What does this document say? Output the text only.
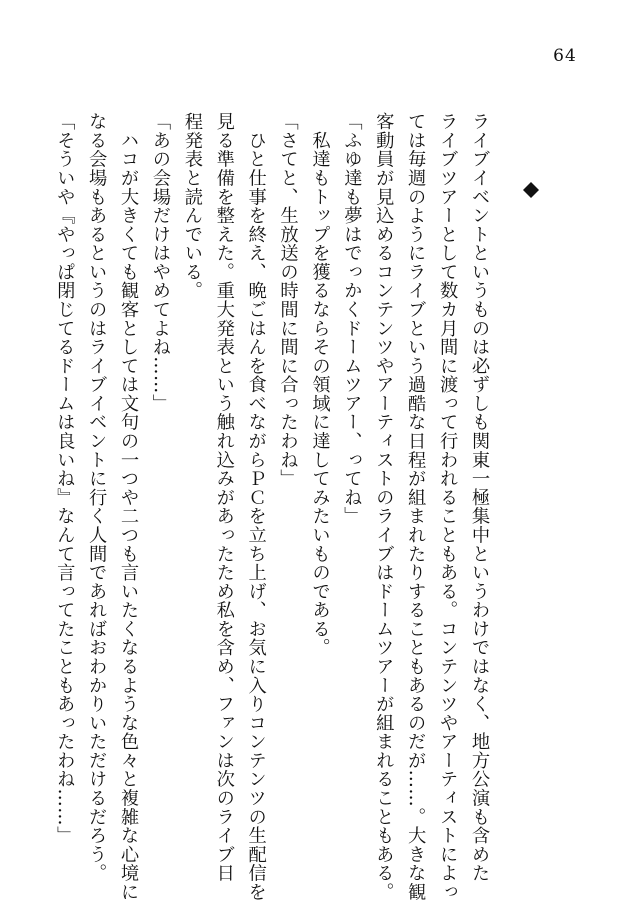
64

ライブイベントというものは必ずしも関東一極集中というわけではなく、地方公演も含めた

ライブツアーとして数カ月間に渡って行われることもある。コンテンツやアーティストによっ

ては毎週のようにライブという過酷な日程が組まれたりすることもあるのだが……。大きな観

客動員が見込めるコンテンツやアーティストのライブはドームツアーが組まれることもある。

「ふゆ達も夢はでっかくドームツアー、ってね」

　私達もトップを獲るならその領域に達してみたいものである。

「さてと、生放送の時間に間に合ったわね」

　ひと仕事を終え、晩ごはんを食べながらＰＣを立ち上げ、お気に入りコンテンツの生配信を

見る準備を整えた。重大発表という触れ込みがあったため私を含め、ファンは次のライブ日

程発表と読んでいる。

「あの会場だけはやめてよね……」

　ハコが大きくても観客としては文句の一つや二つも言いたくなるような色々と複雑な心境に

なる会場もあるというのはライブイベントに行く人間であればおわかりいただけるだろう。

「そういや『やっぱ閉じてるドームは良いね』なんて言ってたこともあったわね……」
